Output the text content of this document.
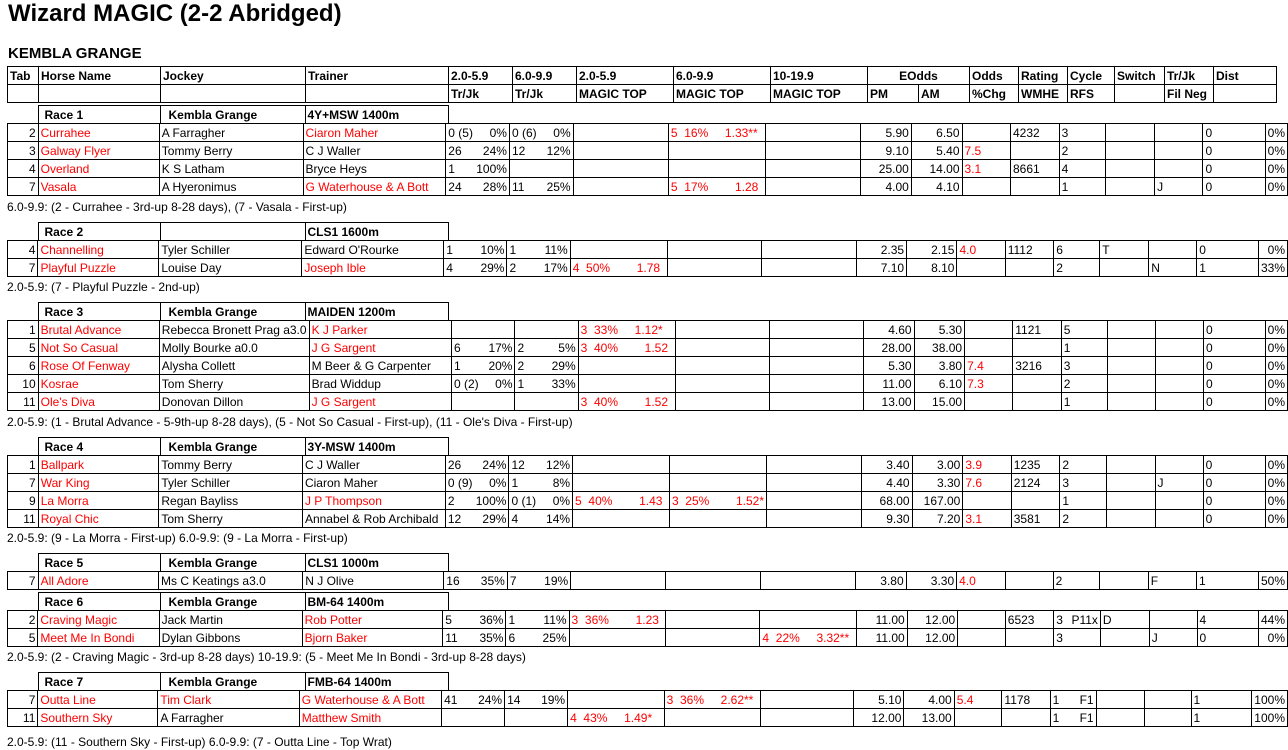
Wizard MAGIC (2-2 Abridged)
KEMBLA GRANGE
Tab	Horse Name	Jockey	Trainer	2.0-5.9	6.0-9.9	2.0-5.9	6.0-9.9	10-19.9	EOdds		Odds	Rating	Cycle	Switch	Tr/Jk	Dist
				Tr/Jk	Tr/Jk	MAGIC TOP	MAGIC TOP	MAGIC TOP	PM	AM	%Chg	WMHE	RFS		Fil Neg	
	Race 1	Kembla Grange	4Y+MSW 1400m													
2	Currahee	A Farragher	Ciaron Maher	0 (5) 0%	0 (6) 0%		5  16%     1.33**		5.90	6.50		4232	3			0	0%
3	Galway Flyer	Tommy Berry	C J Waller	26 24%	12 12%				9.10	5.40	7.5		2			0	0%
4	Overland	K S Latham	Bryce Heys	1 100%					25.00	14.00	3.1	8661	4			0	0%
7	Vasala	A Hyeronimus	G Waterhouse & A Bott	24 28%	11 25%		5  17%        1.28		4.00	4.10			1		J	0	0%
6.0-9.9: (2 - Currahee - 3rd-up 8-28 days), (7 - Vasala - First-up)
	Race 2		CLS1 1600m													
4	Channelling	Tyler Schiller	Edward O'Rourke	1 10%	1 11%				2.35	2.15	4.0	1112	6	T		0	0%
7	Playful Puzzle	Louise Day	Joseph Ible	4 29%	2 17%	4  50%        1.78			7.10	8.10			2		N	1	33%
2.0-5.9: (7 - Playful Puzzle - 2nd-up)
	Race 3	Kembla Grange	MAIDEN 1200m													
1	Brutal Advance	Rebecca Bronett Prag a3.0	K J Parker			3  33%     1.12*			4.60	5.30		1121	5			0	0%
5	Not So Casual	Molly Bourke a0.0	J G Sargent	6 17%	2 5%	3  40%        1.52			28.00	38.00			1			0	0%
6	Rose Of Fenway	Alysha Collett	M Beer & G Carpenter	1 20%	2 29%				5.30	3.80	7.4	3216	3			0	0%
10	Kosrae	Tom Sherry	Brad Widdup	0 (2) 0%	1 33%				11.00	6.10	7.3		2			0	0%
11	Ole's Diva	Donovan Dillon	J G Sargent			3  40%        1.52			13.00	15.00			1			0	0%
2.0-5.9: (1 - Brutal Advance - 5-9th-up 8-28 days), (5 - Not So Casual - First-up), (11 - Ole's Diva - First-up)
	Race 4	Kembla Grange	3Y-MSW 1400m													
1	Ballpark	Tommy Berry	C J Waller	26 24%	12 12%				3.40	3.00	3.9	1235	2			0	0%
7	War King	Tyler Schiller	Ciaron Maher	0 (9) 0%	1 8%				4.40	3.30	7.6	2124	3		J	0	0%
9	La Morra	Regan Bayliss	J P Thompson	2 100%	0 (1) 0%	5  40%        1.43	3  25%        1.52*		68.00	167.00			1			0	0%
11	Royal Chic	Tom Sherry	Annabel & Rob Archibald	12 29%	4 14%				9.30	7.20	3.1	3581	2			0	0%
2.0-5.9: (9 - La Morra - First-up) 6.0-9.9: (9 - La Morra - First-up)
	Race 5	Kembla Grange	CLS1 1000m													
7	All Adore	Ms C Keatings a3.0	N J Olive	16 35%	7 19%				3.80	3.30	4.0		2		F	1	50%
	Race 6	Kembla Grange	BM-64 1400m													
2	Craving Magic	Jack Martin	Rob Potter	5 36%	1 11%	3  36%        1.23			11.00	12.00		6523	3 P11x	D		4	44%
5	Meet Me In Bondi	Dylan Gibbons	Bjorn Baker	11 35%	6 25%			4  22%     3.32**	11.00	12.00			3		J	0	0%
2.0-5.9: (2 - Craving Magic - 3rd-up 8-28 days) 10-19.9: (5 - Meet Me In Bondi - 3rd-up 8-28 days)
	Race 7	Kembla Grange	FMB-64 1400m													
7	Outta Line	Tim Clark	G Waterhouse & A Bott	41 24%	14 19%		3  36%     2.62**		5.10	4.00	5.4	1178	1 F1			1	100%
11	Southern Sky	A Farragher	Matthew Smith			4  43%     1.49*			12.00	13.00			1 F1			1	100%
2.0-5.9: (11 - Southern Sky - First-up) 6.0-9.9: (7 - Outta Line - Top Wrat)
